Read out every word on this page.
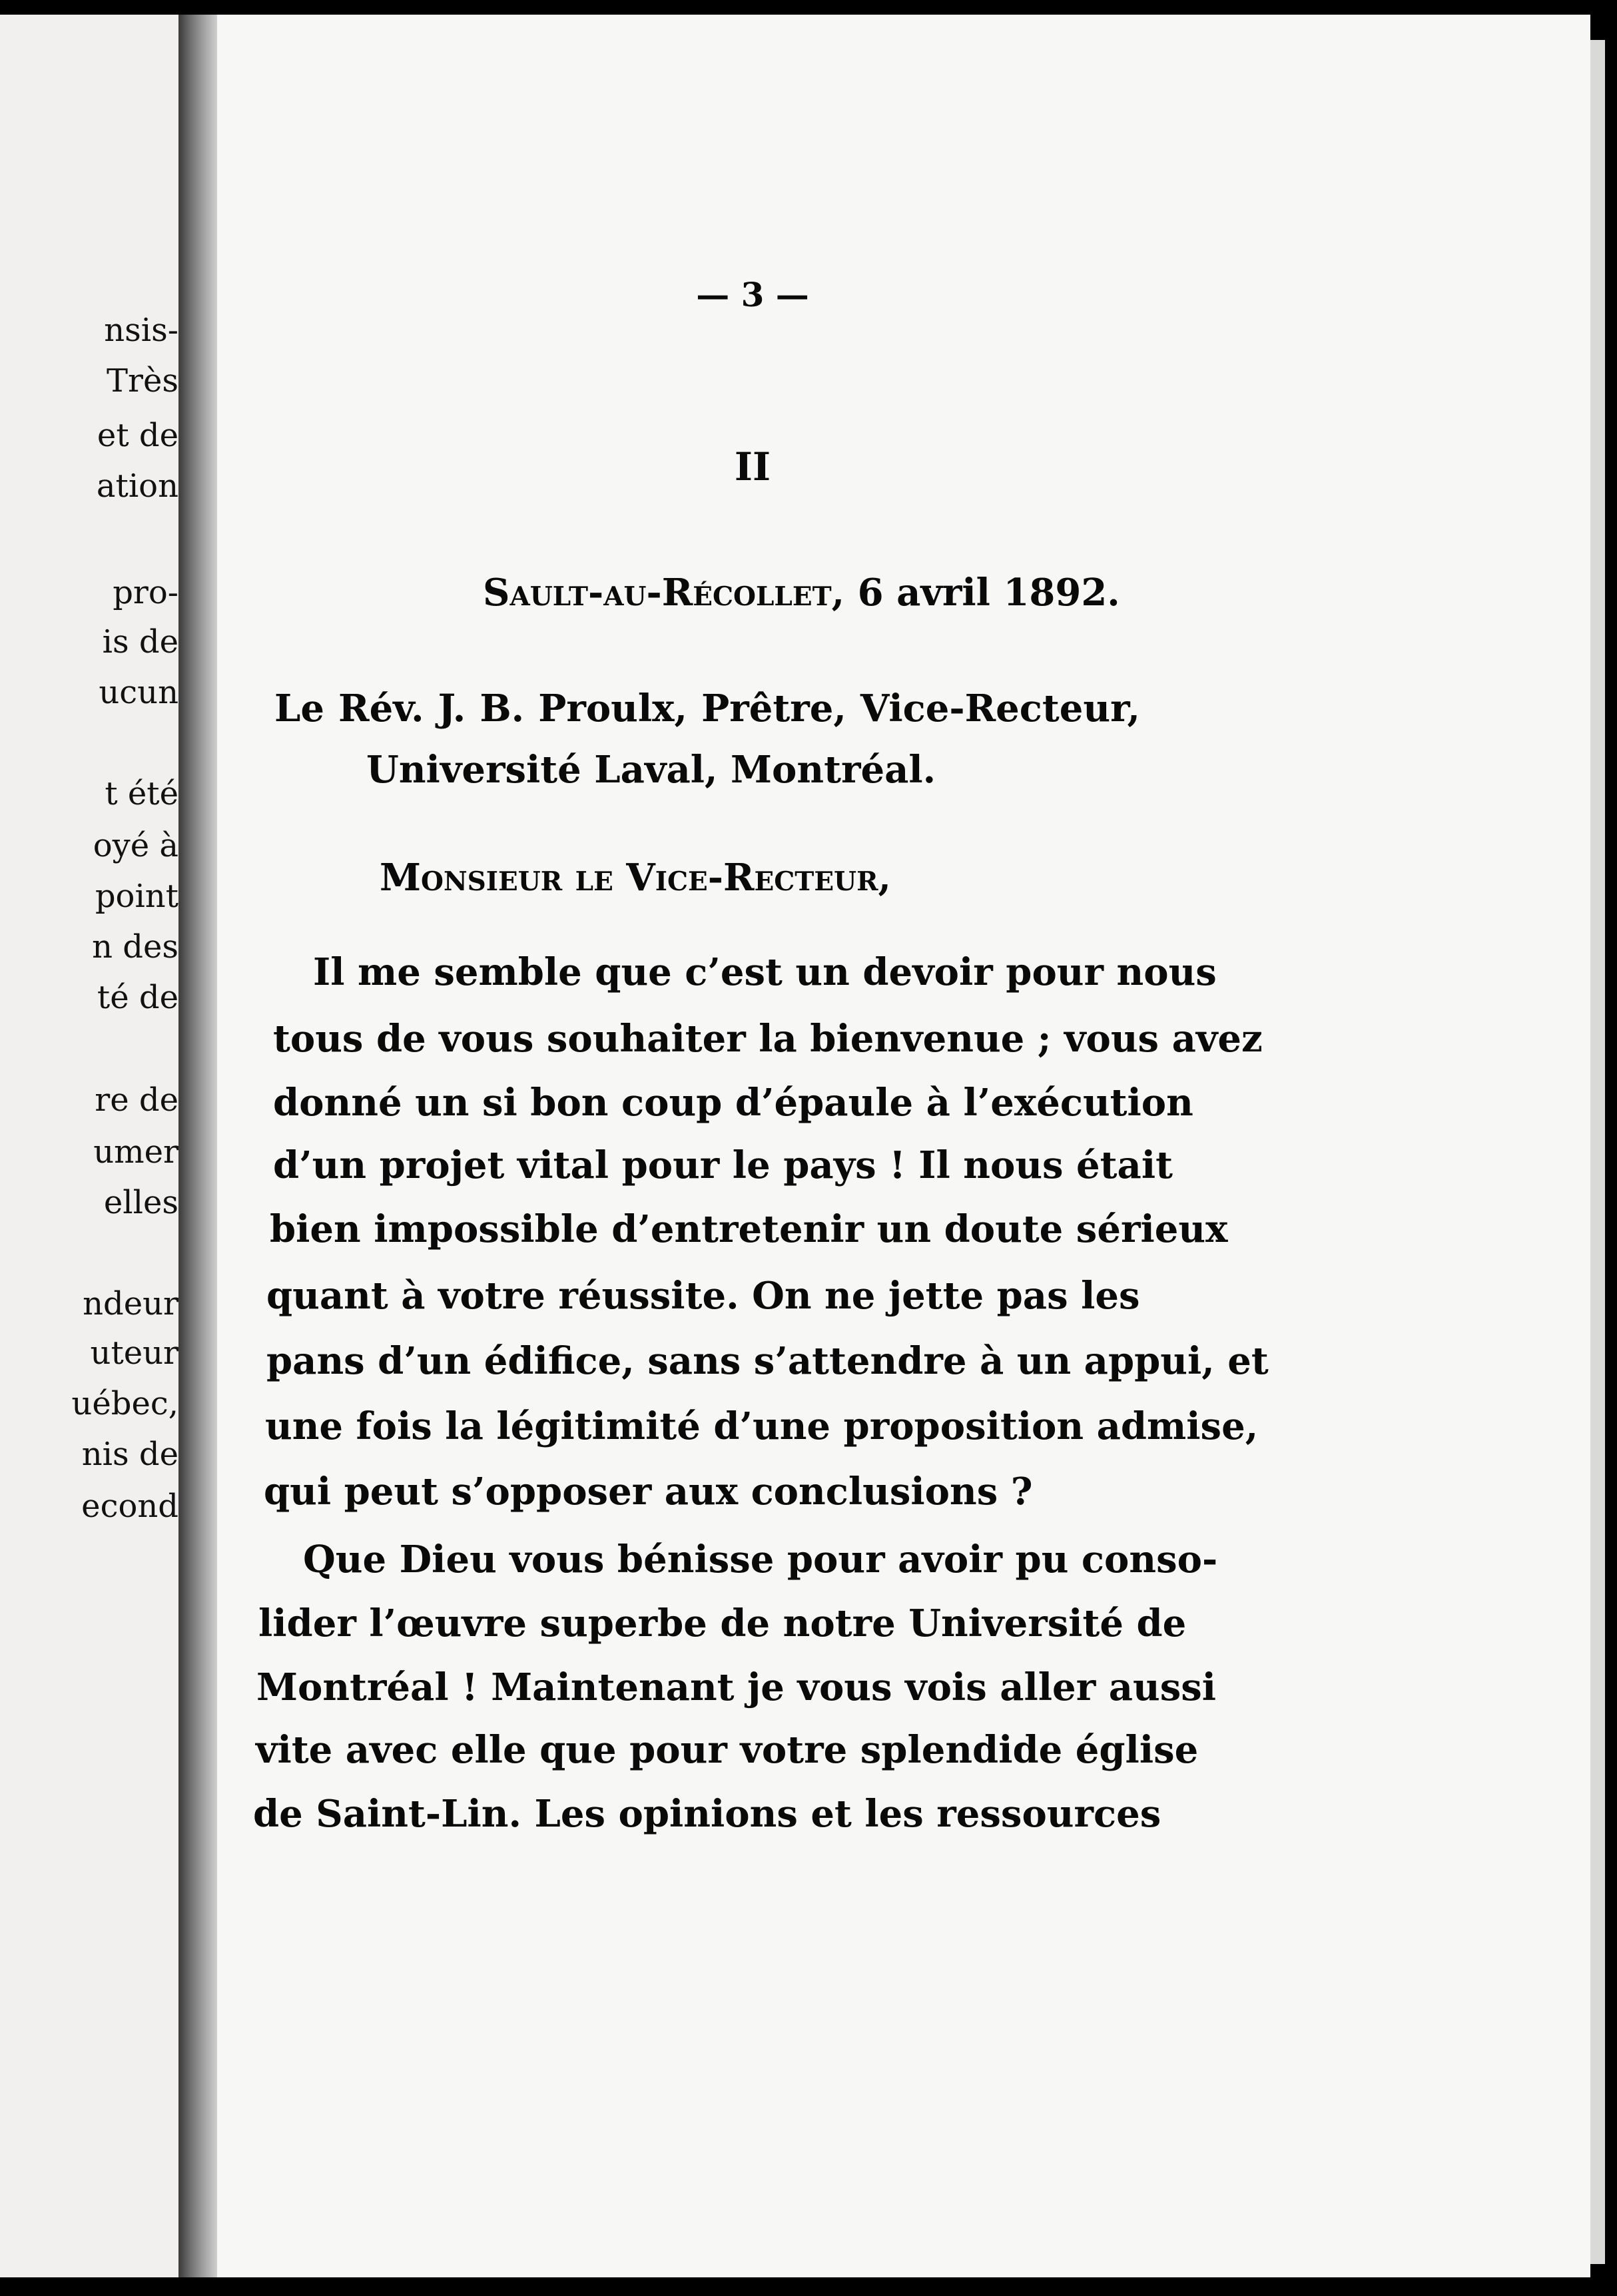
nsis-
Très
et de
ation
pro-
is de
ucun
t été
oyé à
point
n des
té de
re de
umer
elles
ndeur
uteur
uébec,
nis de
econd
— 3 —
II
Sault-au-Récollet, 6 avril 1892.
Le Rév. J. B. Proulx, Prêtre, Vice-Recteur,
Université Laval, Montréal.
Monsieur le Vice-Recteur,
Il me semble que c’est un devoir pour nous
tous de vous souhaiter la bienvenue ; vous avez
donné un si bon coup d’épaule à l’exécution
d’un projet vital pour le pays ! Il nous était
bien impossible d’entretenir un doute sérieux
quant à votre réussite. On ne jette pas les
pans d’un édifice, sans s’attendre à un appui, et
une fois la légitimité d’une proposition admise,
qui peut s’opposer aux conclusions ?
Que Dieu vous bénisse pour avoir pu conso-
lider l’œuvre superbe de notre Université de
Montréal ! Maintenant je vous vois aller aussi
vite avec elle que pour votre splendide église
de Saint-Lin. Les opinions et les ressources
